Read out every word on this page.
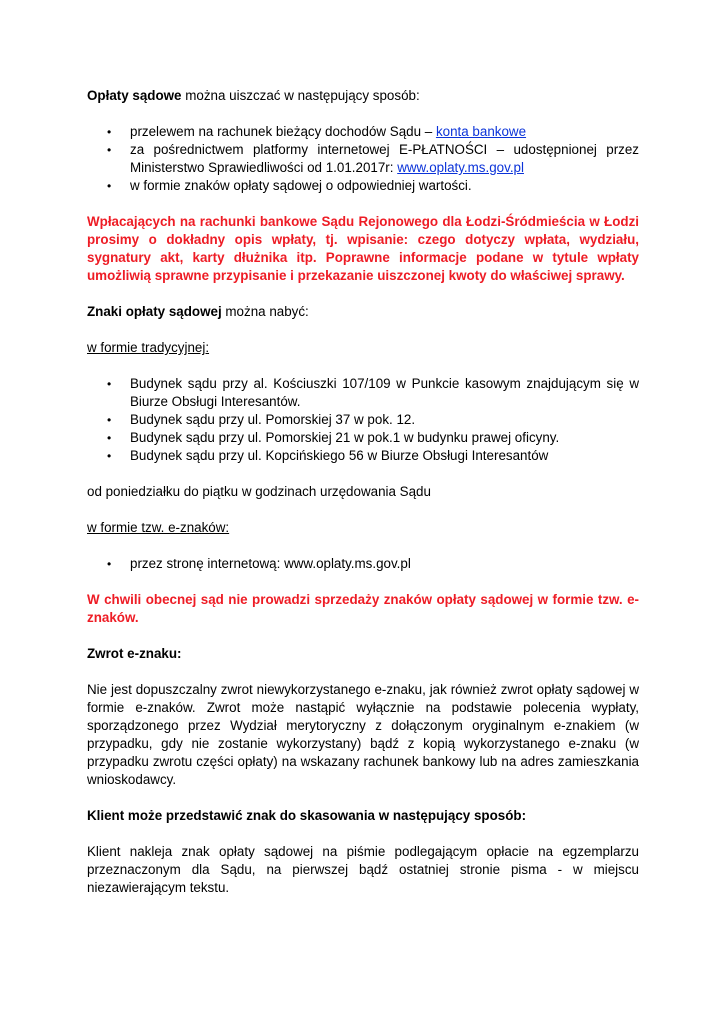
Opłaty sądowe można uiszczać w następujący sposób:

• przelewem na rachunek bieżący dochodów Sądu – konta bankowe
• za pośrednictwem platformy internetowej E-PŁATNOŚCI – udostępnionej przez Ministerstwo Sprawiedliwości od 1.01.2017r: www.oplaty.ms.gov.pl
• w formie znaków opłaty sądowej o odpowiedniej wartości.

Wpłacających na rachunki bankowe Sądu Rejonowego dla Łodzi-Śródmieścia w Łodzi prosimy o dokładny opis wpłaty, tj. wpisanie: czego dotyczy wpłata, wydziału, sygnatury akt, karty dłużnika itp. Poprawne informacje podane w tytule wpłaty umożliwią sprawne przypisanie i przekazanie uiszczonej kwoty do właściwej sprawy.

Znaki opłaty sądowej można nabyć:

w formie tradycyjnej:

• Budynek sądu przy al. Kościuszki 107/109 w Punkcie kasowym znajdującym się w Biurze Obsługi Interesantów.
• Budynek sądu przy ul. Pomorskiej 37 w pok. 12.
• Budynek sądu przy ul. Pomorskiej 21 w pok.1 w budynku prawej oficyny.
• Budynek sądu przy ul. Kopcińskiego 56 w Biurze Obsługi Interesantów

od poniedziałku do piątku w godzinach urzędowania Sądu

w formie tzw. e-znaków:

• przez stronę internetową: www.oplaty.ms.gov.pl

W chwili obecnej sąd nie prowadzi sprzedaży znaków opłaty sądowej w formie tzw. e-znaków.

Zwrot e-znaku:

Nie jest dopuszczalny zwrot niewykorzystanego e-znaku, jak również zwrot opłaty sądowej w formie e-znaków. Zwrot może nastąpić wyłącznie na podstawie polecenia wypłaty, sporządzonego przez Wydział merytoryczny z dołączonym oryginalnym e-znakiem (w przypadku, gdy nie zostanie wykorzystany) bądź z kopią wykorzystanego e-znaku (w przypadku zwrotu części opłaty) na wskazany rachunek bankowy lub na adres zamieszkania wnioskodawcy.

Klient może przedstawić znak do skasowania w następujący sposób:

Klient nakleja znak opłaty sądowej na piśmie podlegającym opłacie na egzemplarzu przeznaczonym dla Sądu, na pierwszej bądź ostatniej stronie pisma - w miejscu niezawierającym tekstu.
